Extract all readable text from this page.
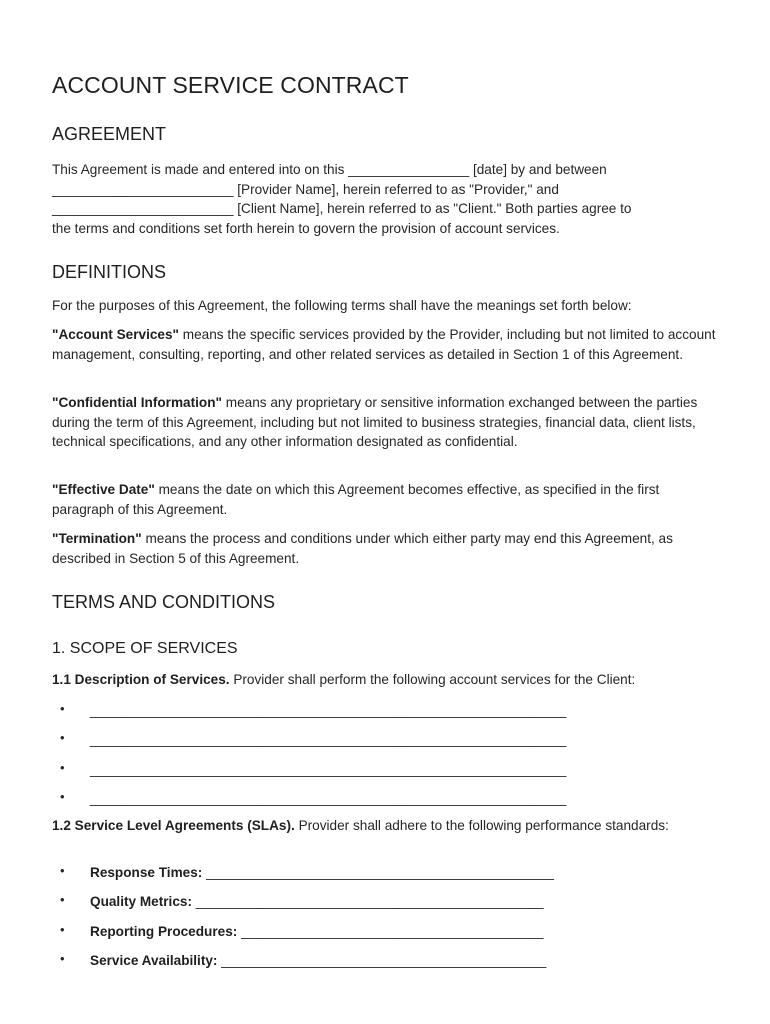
ACCOUNT SERVICE CONTRACT
AGREEMENT
This Agreement is made and entered into on this ________________ [date] by and between
________________________ [Provider Name], herein referred to as "Provider," and
________________________ [Client Name], herein referred to as "Client." Both parties agree to
the terms and conditions set forth herein to govern the provision of account services.
DEFINITIONS

For the purposes of this Agreement, the following terms shall have the meanings set forth below:

"Account Services" means the specific services provided by the Provider, including but not limited to account management, consulting, reporting, and other related services as detailed in Section 1 of this Agreement.

"Confidential Information" means any proprietary or sensitive information exchanged between the parties during the term of this Agreement, including but not limited to business strategies, financial data, client lists, technical specifications, and any other information designated as confidential.

"Effective Date" means the date on which this Agreement becomes effective, as specified in the first paragraph of this Agreement.

"Termination" means the process and conditions under which either party may end this Agreement, as described in Section 5 of this Agreement.

TERMS AND CONDITIONS
1. SCOPE OF SERVICES

1.1 Description of Services. Provider shall perform the following account services for the Client:

• _______________________________________________________________
• _______________________________________________________________
• _______________________________________________________________
• _______________________________________________________________

1.2 Service Level Agreements (SLAs). Provider shall adhere to the following performance standards:

• Response Times: ______________________________________________
• Quality Metrics: ______________________________________________
• Reporting Procedures: ________________________________________
• Service Availability: ___________________________________________
